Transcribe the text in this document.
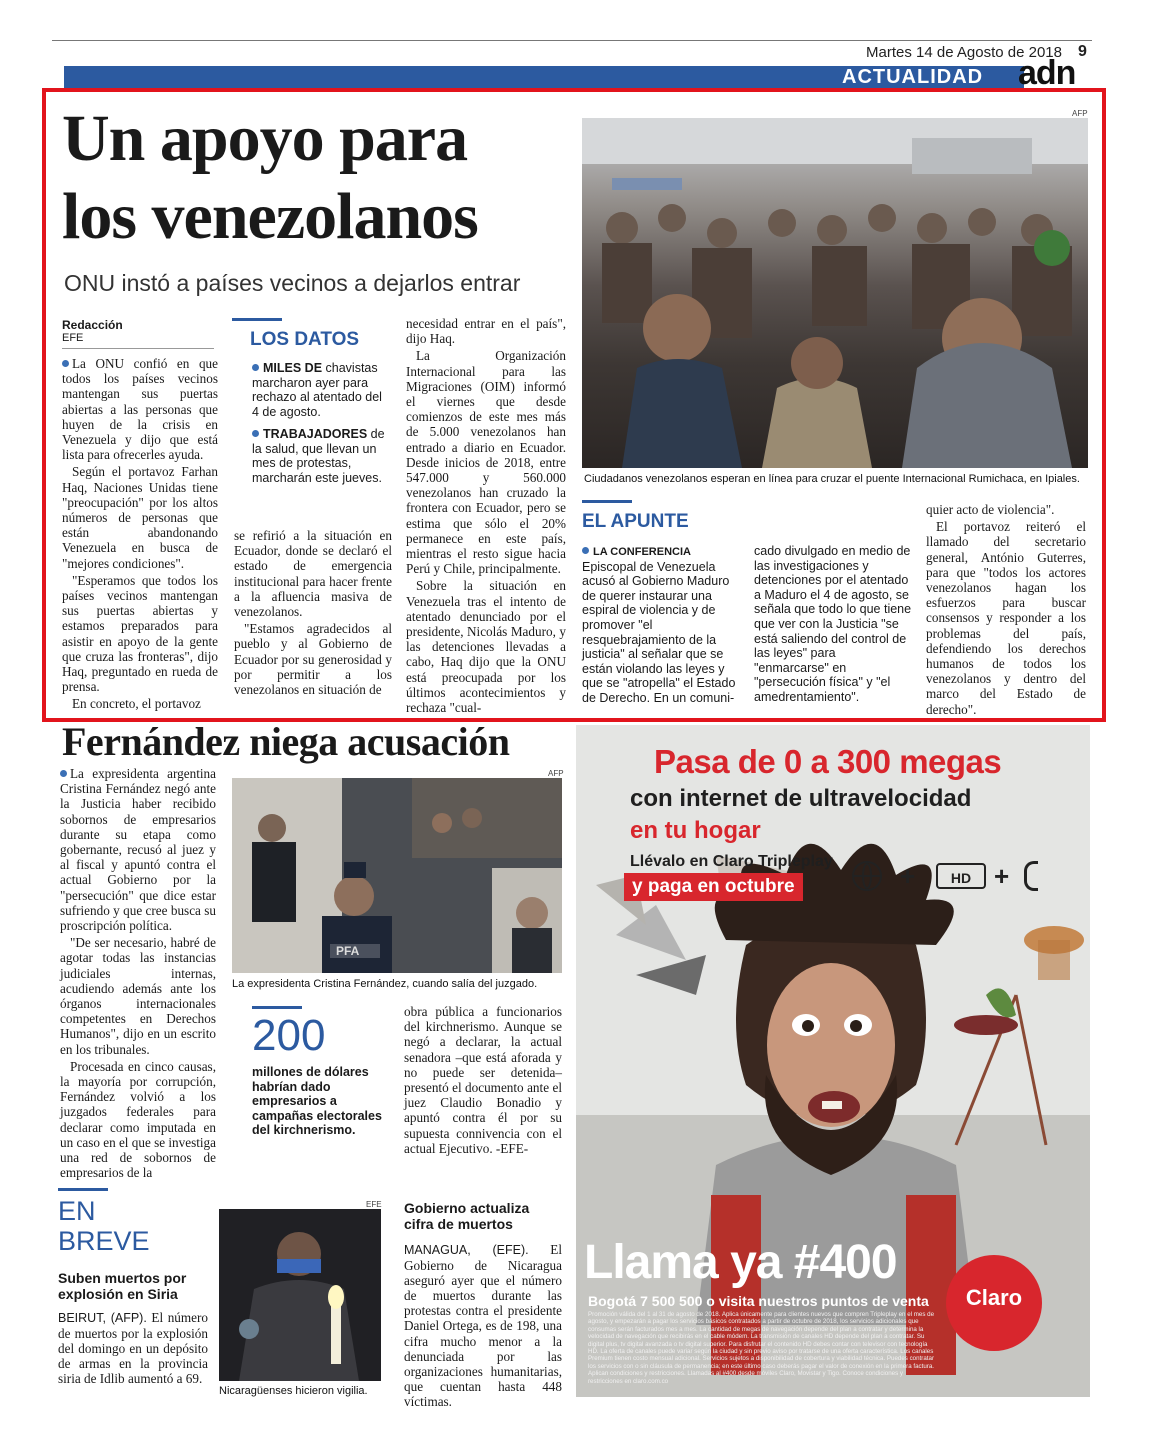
Martes 14 de Agosto de 2018 9
ACTUALIDAD adn
Un apoyo para
los venezolanos
ONU instó a países vecinos a dejarlos entrar
Redacción
EFE

La ONU confió en que todos los países vecinos mantengan sus puertas abiertas a las personas que huyen de la crisis en Venezuela y dijo que está lista para ofrecerles ayuda.

Según el portavoz Farhan Haq, Naciones Unidas tiene "preocupación" por los altos números de personas que están abandonando Venezuela en busca de "mejores condiciones".

"Esperamos que todos los países vecinos mantengan sus puertas abiertas y estamos preparados para asistir en apoyo de la gente que cruza las fronteras", dijo Haq, preguntado en rueda de prensa.

En concreto, el portavoz

LOS DATOS
MILES DE chavistas marcharon ayer para rechazo al atentado del 4 de agosto.
TRABAJADORES de la salud, que llevan un mes de protestas, marcharán este jueves.

se refirió a la situación en Ecuador, donde se declaró el estado de emergencia institucional para hacer frente a la afluencia masiva de venezolanos.

"Estamos agradecidos al pueblo y al Gobierno de Ecuador por su generosidad y por permitir a los venezolanos en situación de

necesidad entrar en el país", dijo Haq.

La Organización Internacional para las Migraciones (OIM) informó el viernes que desde comienzos de este mes más de 5.000 venezolanos han entrado a diario en Ecuador. Desde inicios de 2018, entre 547.000 y 560.000 venezolanos han cruzado la frontera con Ecuador, pero se estima que sólo el 20% permanece en este país, mientras el resto sigue hacia Perú y Chile, principalmente.

Sobre la situación en Venezuela tras el intento de atentado denunciado por el presidente, Nicolás Maduro, y las detenciones llevadas a cabo, Haq dijo que la ONU está preocupada por los últimos acontecimientos y rechaza "cual-

AFP
Ciudadanos venezolanos esperan en línea para cruzar el puente Internacional Rumichaca, en Ipiales.
EL APUNTE
LA CONFERENCIA Episcopal de Venezuela acusó al Gobierno Maduro de querer instaurar una espiral de violencia y de promover "el resquebrajamiento de la justicia" al señalar que se están violando las leyes y que se "atropella" el Estado de Derecho. En un comuni-
cado divulgado en medio de las investigaciones y detenciones por el atentado a Maduro el 4 de agosto, se señala que todo lo que tiene que ver con la Justicia "se está saliendo del control de las leyes" para "enmarcarse" en "persecución física" y "el amedrentamiento".

quier acto de violencia".

El portavoz reiteró el llamado del secretario general, António Guterres, para que "todos los actores venezolanos hagan los esfuerzos para buscar consensos y responder a los problemas del país, defendiendo los derechos humanos de todos los venezolanos y dentro del marco del Estado de derecho".

Fernández niega acusación

La expresidenta argentina Cristina Fernández negó ante la Justicia haber recibido sobornos de empresarios durante su etapa como gobernante, recusó al juez y al fiscal y apuntó contra el actual Gobierno por la "persecución" que dice estar sufriendo y que cree busca su proscripción política.

"De ser necesario, habré de agotar todas las instancias judiciales internas, acudiendo además ante los órganos internacionales competentes en Derechos Humanos", dijo en un escrito en los tribunales.

Procesada en cinco causas, la mayoría por corrupción, Fernández volvió a los juzgados federales para declarar como imputada en un caso en el que se investiga una red de sobornos de empresarios de la

AFP
PFA
La expresidenta Cristina Fernández, cuando salía del juzgado.
200
millones de dólares habrían dado empresarios a campañas electorales del kirchnerismo.

obra pública a funcionarios del kirchnerismo. Aunque se negó a declarar, la actual senadora –que está aforada y no puede ser detenida– presentó el documento ante el juez Claudio Bonadio y apuntó contra él por su supuesta connivencia con el actual Ejecutivo. -EFE-

EN
BREVE
Suben muertos por explosión en Siria

BEIRUT, (AFP). El número de muertos por la explosión del domingo en un depósito de armas en la provincia siria de Idlib aumentó a 69.

EFE
Nicaragüenses hicieron vigilia.
Gobierno actualiza cifra de muertos

MANAGUA, (EFE). El Gobierno de Nicaragua aseguró ayer que el número de muertos durante las protestas contra el presidente Daniel Ortega, es de 198, una cifra mucho menor a la denunciada por las organizaciones humanitarias, que cuentan hasta 448 víctimas.

Pasa de 0 a 300 megas
con internet de ultravelocidad
en tu hogar
Llévalo en Claro Tripleplay
y paga en octubre	+	HD +
Llama ya #400
Bogotá 7 500 500 o visita nuestros puntos de venta
Promoción válida del 1 al 31 de agosto de 2018. Aplica únicamente para clientes nuevos que compren Tripleplay en el mes de agosto, y empezarán a pagar los servicios básicos contratados a partir de octubre de 2018, los servicios adicionales que consumas serán facturados mes a mes. La cantidad de megas de navegación depende del plan a contratar y determina la velocidad de navegación que recibirás en el cable módem. La transmisión de canales HD depende del plan a contratar. Su digital plus, tv digital avanzada o tv digital superior. Para disfrutar el contenido HD debes contar con televisor con tecnología HD. La oferta de canales puede variar según la ciudad y sin previo aviso por tratarse de una oferta característica. Los canales Premium tienen costo mensual adicional. Servicios sujetos a disponibilidad de cobertura y viabilidad técnica. Puedes contratar los servicios con o sin cláusula de permanencia; en este último caso deberás pagar el valor de conexión en la primera factura. Aplican condiciones y restricciones. Llamadas al #400 desde móviles Claro, Movistar y Tigo. Conoce condiciones y restricciones en claro.com.co
Claro
